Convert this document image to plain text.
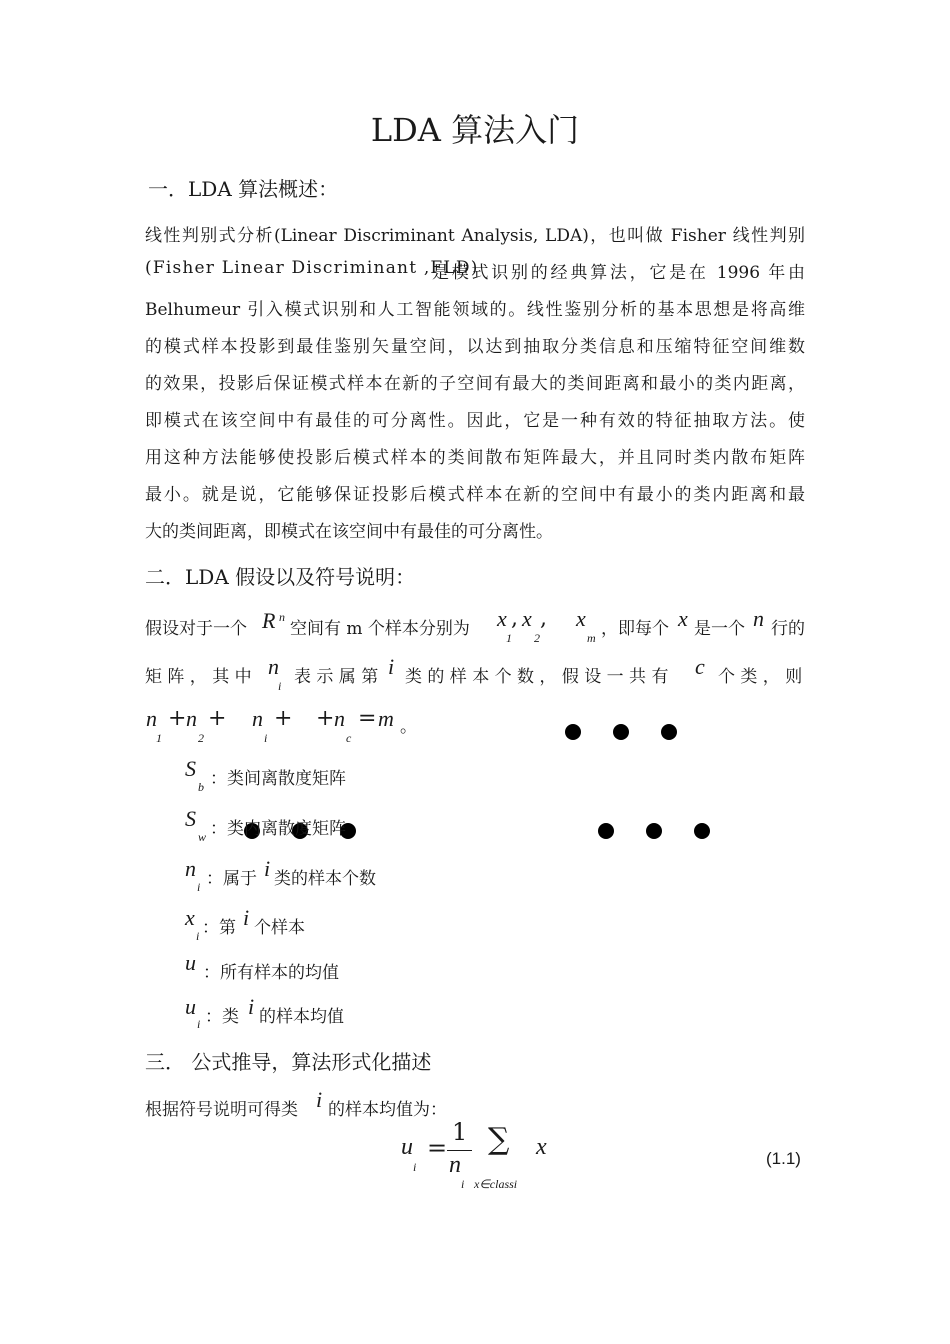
LDA 算法入门
一．LDA 算法概述：
线性判别式分析(Linear Discriminant Analysis, LDA)，也叫做 Fisher 线性判别
(Fisher Linear Discriminant ,FLD)
是模式识别的经典算法，它是在 1996 年由
Belhumeur 引入模式识别和人工智能领域的。线性鉴别分析的基本思想是将高维
的模式样本投影到最佳鉴别矢量空间，以达到抽取分类信息和压缩特征空间维数
的效果，投影后保证模式样本在新的子空间有最大的类间距离和最小的类内距离，
即模式在该空间中有最佳的可分离性。因此，它是一种有效的特征抽取方法。使
用这种方法能够使投影后模式样本的类间散布矩阵最大，并且同时类内散布矩阵
最小。就是说，它能够保证投影后模式样本在新的空间中有最小的类内距离和最
大的类间距离，即模式在该空间中有最佳的可分离性。
二．LDA 假设以及符号说明：
假设对于一个 R n
空间有 m 个样本分别为 x
1
, x
2
, x
m ，即每个 x 是一个 n 行的
矩 阵 ， 其 中 n
i 表 示 属 第 i 类 的 样 本 个 数 ， 假 设 一 共 有 c 个 类 ， 则
n
1
+ n
2
+ n
i
+ + n
c
= m 。
S
b ：类间离散度矩阵
S
w ：类内离散度矩阵
n
i ：属于 i 类的样本个数
x
i ：第 i 个样本
u ：所有样本的均值
u
i ：类 i 的样本均值
三． 公式推导，算法形式化描述
根据符号说明可得类 i 的样本均值为：
u
i
=
1
n
i
∑
x∈classi
x	(1.1)
